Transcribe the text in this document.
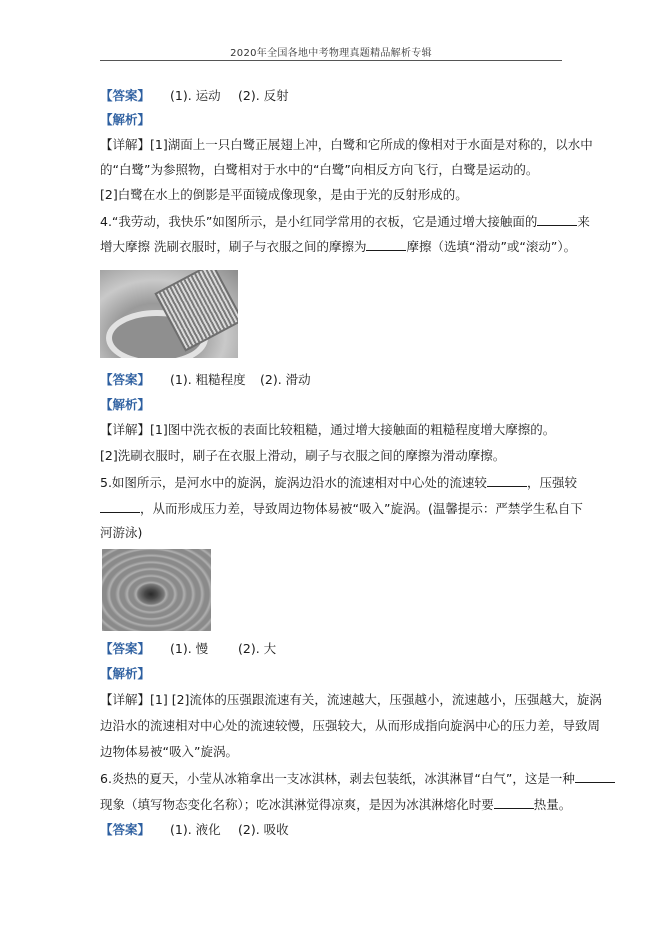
2020年全国各地中考物理真题精品解析专辑
【答案】 (1). 运动 (2). 反射
【解析】
【详解】[1]湖面上一只白鹭正展翅上冲，白鹭和它所成的像相对于水面是对称的，以水中
的“白鹭”为参照物，白鹭相对于水中的“白鹭”向相反方向飞行，白鹭是运动的。
[2]白鹭在水上的倒影是平面镜成像现象，是由于光的反射形成的。
4.“我劳动，我快乐”如图所示，是小红同学常用的衣板，它是通过增大接触面的	来
增大摩擦 洗刷衣服时，刷子与衣服之间的摩擦为	摩擦（选填“滑动”或“滚动”）。
【答案】 (1). 粗糙程度 (2). 滑动
【解析】
【详解】[1]图中洗衣板的表面比较粗糙，通过增大接触面的粗糙程度增大摩擦的。
[2]洗刷衣服时，刷子在衣服上滑动，刷子与衣服之间的摩擦为滑动摩擦。
5.如图所示，是河水中的旋涡，旋涡边沿水的流速相对中心处的流速较	，压强较
，从而形成压力差，导致周边物体易被“吸入”旋涡。(温馨提示：严禁学生私自下
河游泳)
【答案】 (1). 慢 (2). 大
【解析】
【详解】[1] [2]流体的压强跟流速有关，流速越大，压强越小，流速越小，压强越大，旋涡
边沿水的流速相对中心处的流速较慢，压强较大，从而形成指向旋涡中心的压力差，导致周
边物体易被“吸入”旋涡。
6.炎热的夏天，小莹从冰箱拿出一支冰淇林，剥去包装纸，冰淇淋冒“白气”，这是一种
现象（填写物态变化名称）；吃冰淇淋觉得凉爽，是因为冰淇淋熔化时要	热量。
【答案】 (1). 液化 (2). 吸收
